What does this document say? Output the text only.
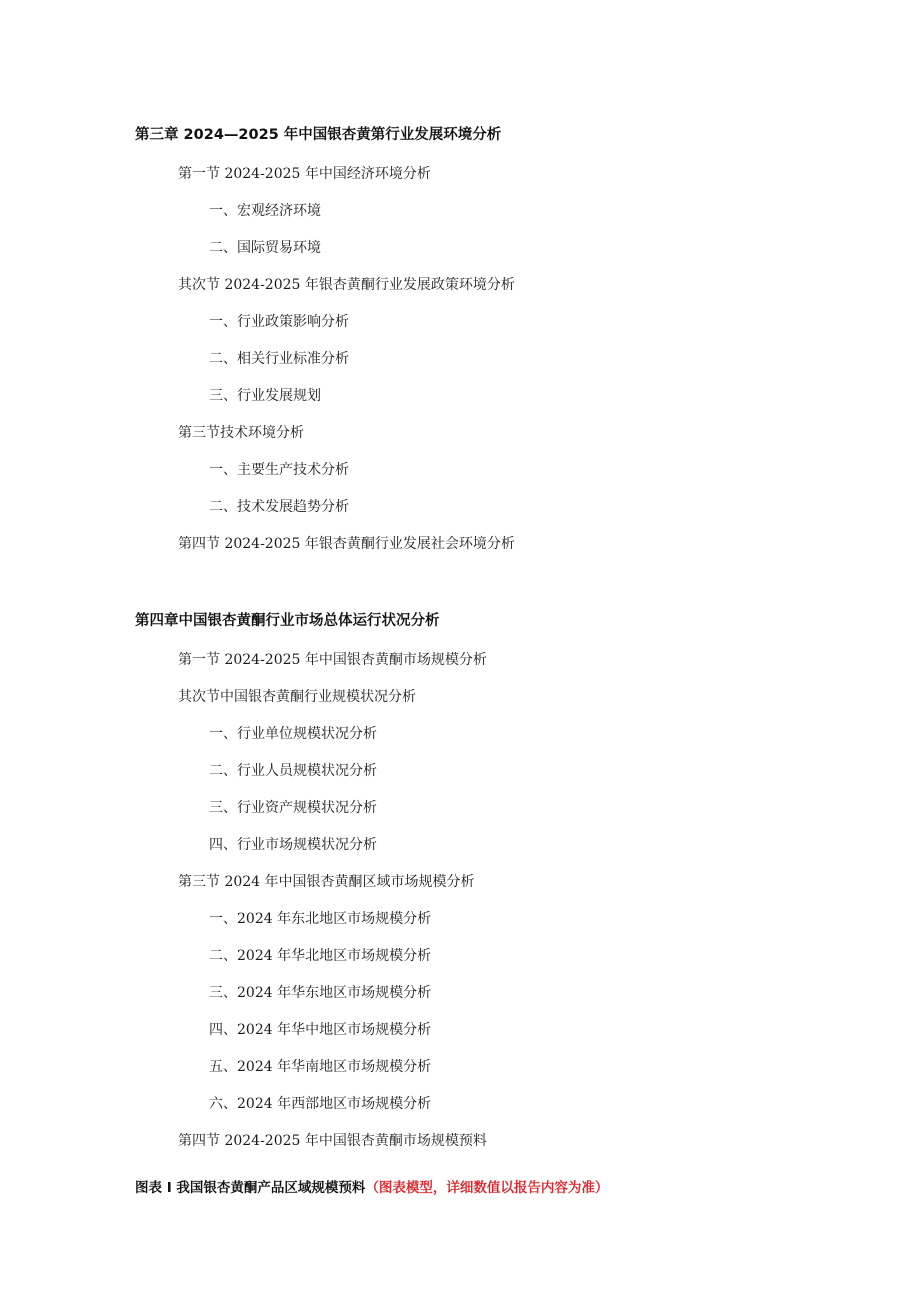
第三章 2024—2025 年中国银杏黄第行业发展环境分析
第一节 2024-2025 年中国经济环境分析
一、宏观经济环境
二、国际贸易环境
其次节 2024-2025 年银杏黄酮行业发展政策环境分析
一、行业政策影响分析
二、相关行业标准分析
三、行业发展规划
第三节技术环境分析
一、主要生产技术分析
二、技术发展趋势分析
第四节 2024-2025 年银杏黄酮行业发展社会环境分析
第四章中国银杏黄酮行业市场总体运行状况分析
第一节 2024-2025 年中国银杏黄酮市场规模分析
其次节中国银杏黄酮行业规模状况分析
一、行业单位规模状况分析
二、行业人员规模状况分析
三、行业资产规模状况分析
四、行业市场规模状况分析
第三节 2024 年中国银杏黄酮区域市场规模分析
一、2024 年东北地区市场规模分析
二、2024 年华北地区市场规模分析
三、2024 年华东地区市场规模分析
四、2024 年华中地区市场规模分析
五、2024 年华南地区市场规模分析
六、2024 年西部地区市场规模分析
第四节 2024-2025 年中国银杏黄酮市场规模预料
图表 I 我国银杏黄酮产品区域规模预料（图表模型，详细数值以报告内容为准）
